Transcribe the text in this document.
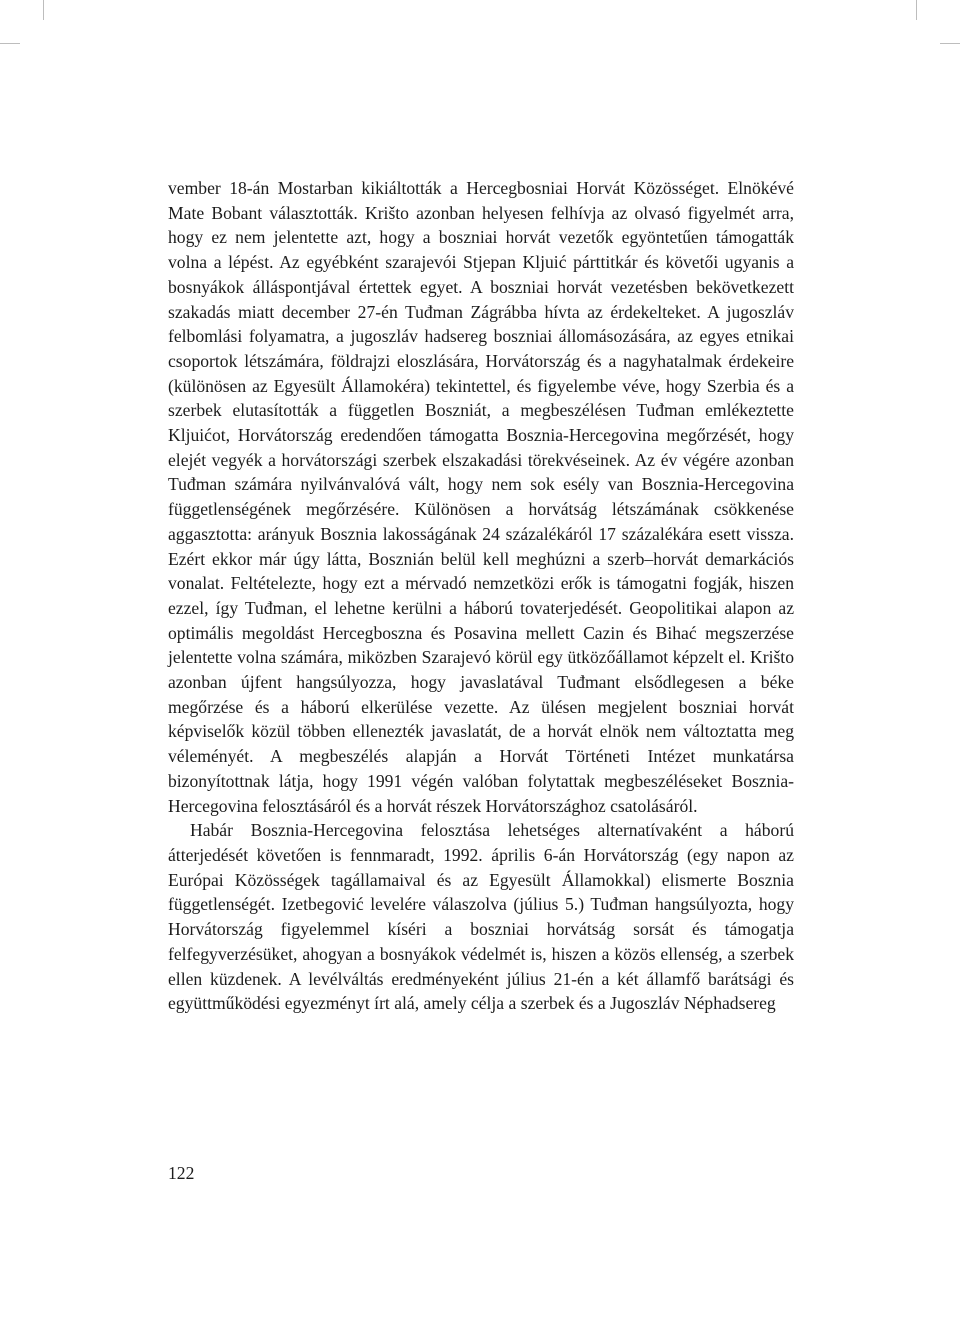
vember 18-án Mostarban kikiáltották a Hercegbosniai Horvát Közösséget. Elnökévé Mate Bobant választották. Krišto azonban helyesen felhívja az olvasó figyelmét arra, hogy ez nem jelentette azt, hogy a boszniai horvát vezetők egyöntetűen támogatták volna a lépést. Az egyébként szarajevói Stjepan Kljuić párttitkár és követői ugyanis a bosnyákok álláspontjával értettek egyet. A boszniai horvát vezetésben bekövetkezett szakadás miatt december 27-én Tuđman Zágrábba hívta az érdekelteket. A jugoszláv felbomlási folyamatra, a jugoszláv hadsereg boszniai állomásozására, az egyes etnikai csoportok létszámára, földrajzi eloszlására, Horvátország és a nagyhatalmak érdekeire (különösen az Egyesült Államokéra) tekintettel, és figyelembe véve, hogy Szerbia és a szerbek elutasították a független Boszniát, a megbeszélésen Tuđman emlékeztette Kljuićot, Horvátország eredendően támogatta Bosznia-Hercegovina megőrzését, hogy elejét vegyék a horvátországi szerbek elszakadási törekvéseinek. Az év végére azonban Tuđman számára nyilvánvalóvá vált, hogy nem sok esély van Bosznia-Hercegovina függetlenségének megőrzésére. Különösen a horvátság létszámának csökkenése aggasztotta: arányuk Bosznia lakosságának 24 százalékáról 17 százalékára esett vissza. Ezért ekkor már úgy látta, Bosznián belül kell meghúzni a szerb–horvát demarkációs vonalat. Feltételezte, hogy ezt a mérvadó nemzetközi erők is támogatni fogják, hiszen ezzel, így Tuđman, el lehetne kerülni a háború tovaterjedését. Geopolitikai alapon az optimális megoldást Hercegboszna és Posavina mellett Cazin és Bihać megszerzése jelentette volna számára, miközben Szarajevó körül egy ütközőállamot képzelt el. Krišto azonban újfent hangsúlyozza, hogy javaslatával Tuđmant elsődlegesen a béke megőrzése és a háború elkerülése vezette. Az ülésen megjelent boszniai horvát képviselők közül többen ellenezték javaslatát, de a horvát elnök nem változtatta meg véleményét. A megbeszélés alapján a Horvát Történeti Intézet munkatársa bizonyítottnak látja, hogy 1991 végén valóban folytattak megbeszéléseket Bosznia-Hercegovina felosztásáról és a horvát részek Horvátországhoz csatolásáról.

Habár Bosznia-Hercegovina felosztása lehetséges alternatívaként a háború átterjedését követően is fennmaradt, 1992. április 6-án Horvátország (egy napon az Európai Közösségek tagállamaival és az Egyesült Államokkal) elismerte Bosznia függetlenségét. Izetbegović levelére válaszolva (július 5.) Tuđman hangsúlyozta, hogy Horvátország figyelemmel kíséri a boszniai horvátság sorsát és támogatja felfegyverzésüket, ahogyan a bosnyákok védelmét is, hiszen a közös ellenség, a szerbek ellen küzdenek. A levélváltás eredményeként július 21-én a két államfő barátsági és együttműködési egyezményt írt alá, amely célja a szerbek és a Jugoszláv Néphadsereg

122
